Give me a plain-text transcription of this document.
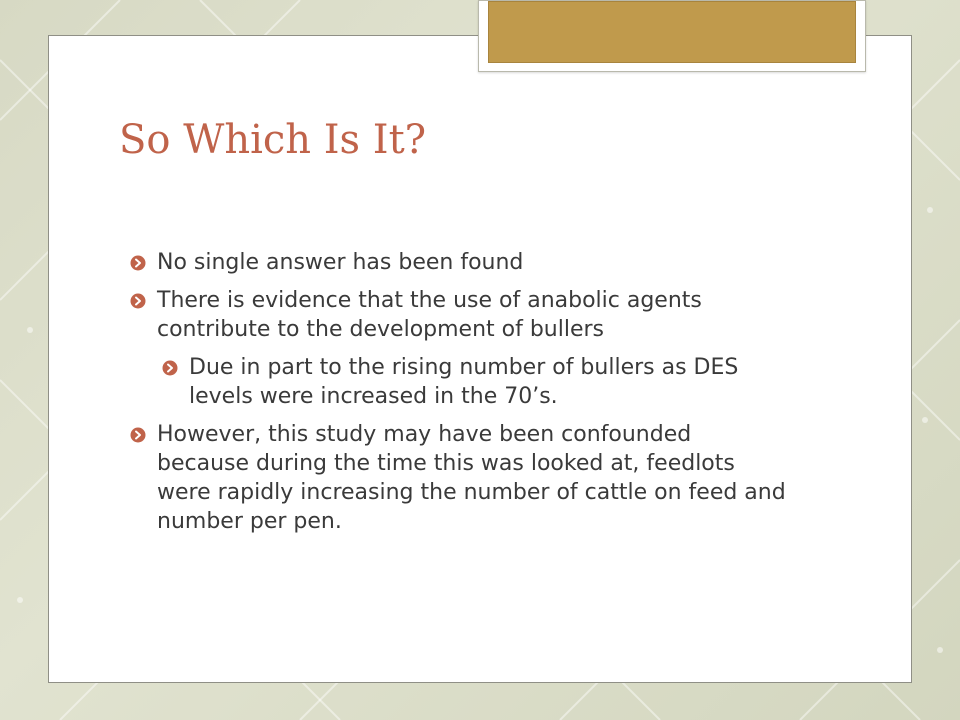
So Which Is It?
No single answer has been found
There is evidence that the use of anabolic agents contribute to the development of bullers
Due in part to the rising number of bullers as DES levels were increased in the 70’s.
However, this study may have been confounded because during the time this was looked at, feedlots were rapidly increasing the number of cattle on feed and number per pen.
